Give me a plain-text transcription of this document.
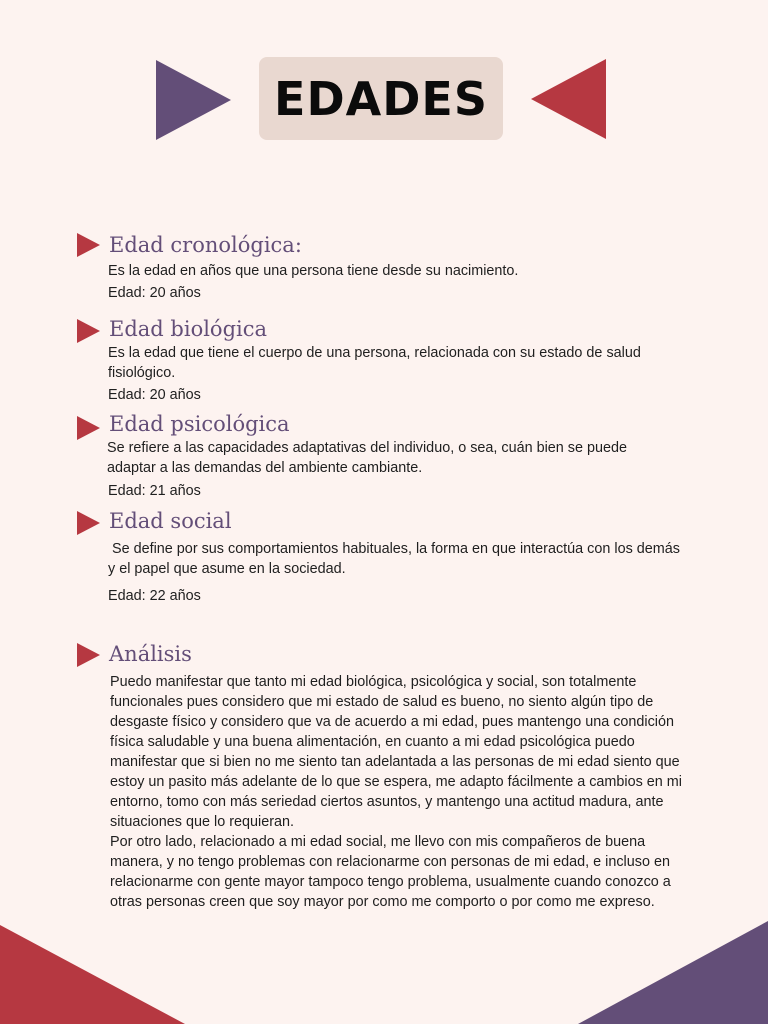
EDADES
Edad cronológica:
Es la edad en años que una persona tiene desde su nacimiento.
Edad: 20 años
Edad biológica
Es la edad que tiene el cuerpo de una persona, relacionada con su estado de salud fisiológico.
Edad: 20 años
Edad psicológica
Se refiere a las capacidades adaptativas del individuo, o sea, cuán bien se puede adaptar a las demandas del ambiente cambiante.
Edad: 21 años
Edad social
Se define por sus comportamientos habituales, la forma en que interactúa con los demás y el papel que asume en la sociedad.
Edad: 22 años
Análisis
Puedo manifestar que tanto mi edad biológica, psicológica y social, son totalmente funcionales pues considero que mi estado de salud es bueno, no siento algún tipo de desgaste físico y considero que va de acuerdo a mi edad, pues mantengo una condición física saludable y una buena alimentación, en cuanto a mi edad psicológica puedo manifestar que si bien no me siento tan adelantada a las personas de mi edad siento que estoy un pasito más adelante de lo que se espera, me adapto fácilmente a cambios en mi entorno, tomo con más seriedad ciertos asuntos, y mantengo una actitud madura, ante situaciones que lo requieran.
Por otro lado, relacionado a mi edad social, me llevo con mis compañeros de buena manera, y no tengo problemas con relacionarme con personas de mi edad, e incluso en relacionarme con gente mayor tampoco tengo problema, usualmente cuando conozco a otras personas creen que soy mayor por como me comporto o por como me expreso.
